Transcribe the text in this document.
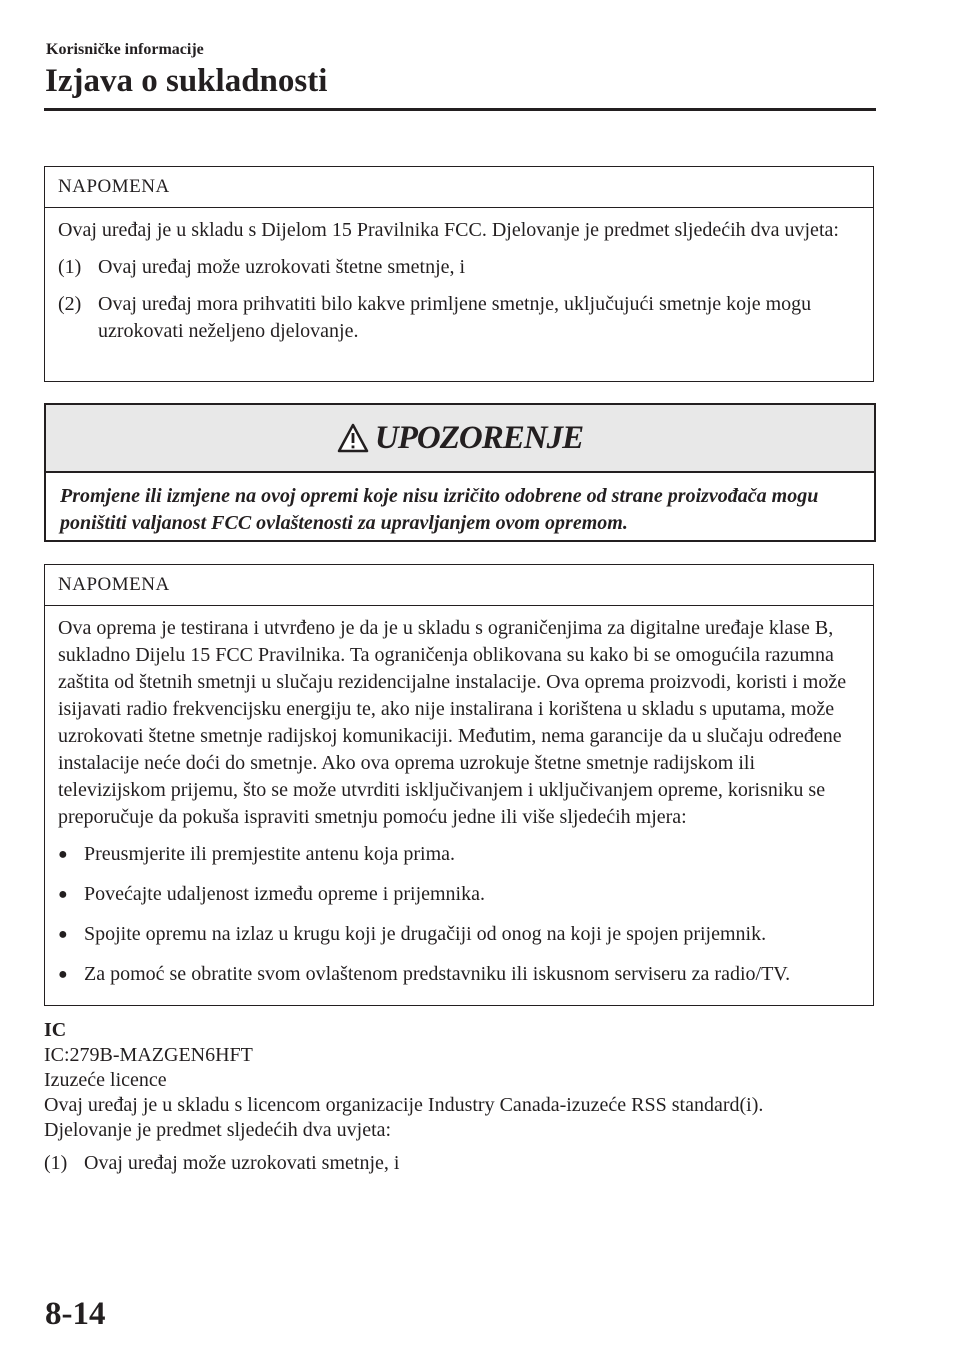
Korisničke informacije
Izjava o sukladnosti
NAPOMENA

Ovaj uređaj je u skladu s Dijelom 15 Pravilnika FCC. Djelovanje je predmet sljedećih dva uvjeta:

(1) Ovaj uređaj može uzrokovati štetne smetnje, i
(2) Ovaj uređaj mora prihvatiti bilo kakve primljene smetnje, uključujući smetnje koje mogu uzrokovati neželjeno djelovanje.
UPOZORENJE
Promjene ili izmjene na ovoj opremi koje nisu izričito odobrene od strane proizvođača mogu poništiti valjanost FCC ovlaštenosti za upravljanjem ovom opremom.
NAPOMENA

Ova oprema je testirana i utvrđeno je da je u skladu s ograničenjima za digitalne uređaje klase B, sukladno Dijelu 15 FCC Pravilnika. Ta ograničenja oblikovana su kako bi se omogućila razumna zaštita od štetnih smetnji u slučaju rezidencijalne instalacije. Ova oprema proizvodi, koristi i može isijavati radio frekvencijsku energiju te, ako nije instalirana i korištena u skladu s uputama, može uzrokovati štetne smetnje radijskoj komunikaciji. Međutim, nema garancije da u slučaju određene instalacije neće doći do smetnje. Ako ova oprema uzrokuje štetne smetnje radijskom ili televizijskom prijemu, što se može utvrditi isključivanjem i uključivanjem opreme, korisniku se preporučuje da pokuša ispraviti smetnju pomoću jedne ili više sljedećih mjera:

● Preusmjerite ili premjestite antenu koja prima.
● Povećajte udaljenost između opreme i prijemnika.
● Spojite opremu na izlaz u krugu koji je drugačiji od onog na koji je spojen prijemnik.
● Za pomoć se obratite svom ovlaštenom predstavniku ili iskusnom serviseru za radio/TV.
IC
IC:279B-MAZGEN6HFT
Izuzeće licence
Ovaj uređaj je u skladu s licencom organizacije Industry Canada-izuzeće RSS standard(i).
Djelovanje je predmet sljedećih dva uvjeta:
(1) Ovaj uređaj može uzrokovati smetnje, i
8-14
